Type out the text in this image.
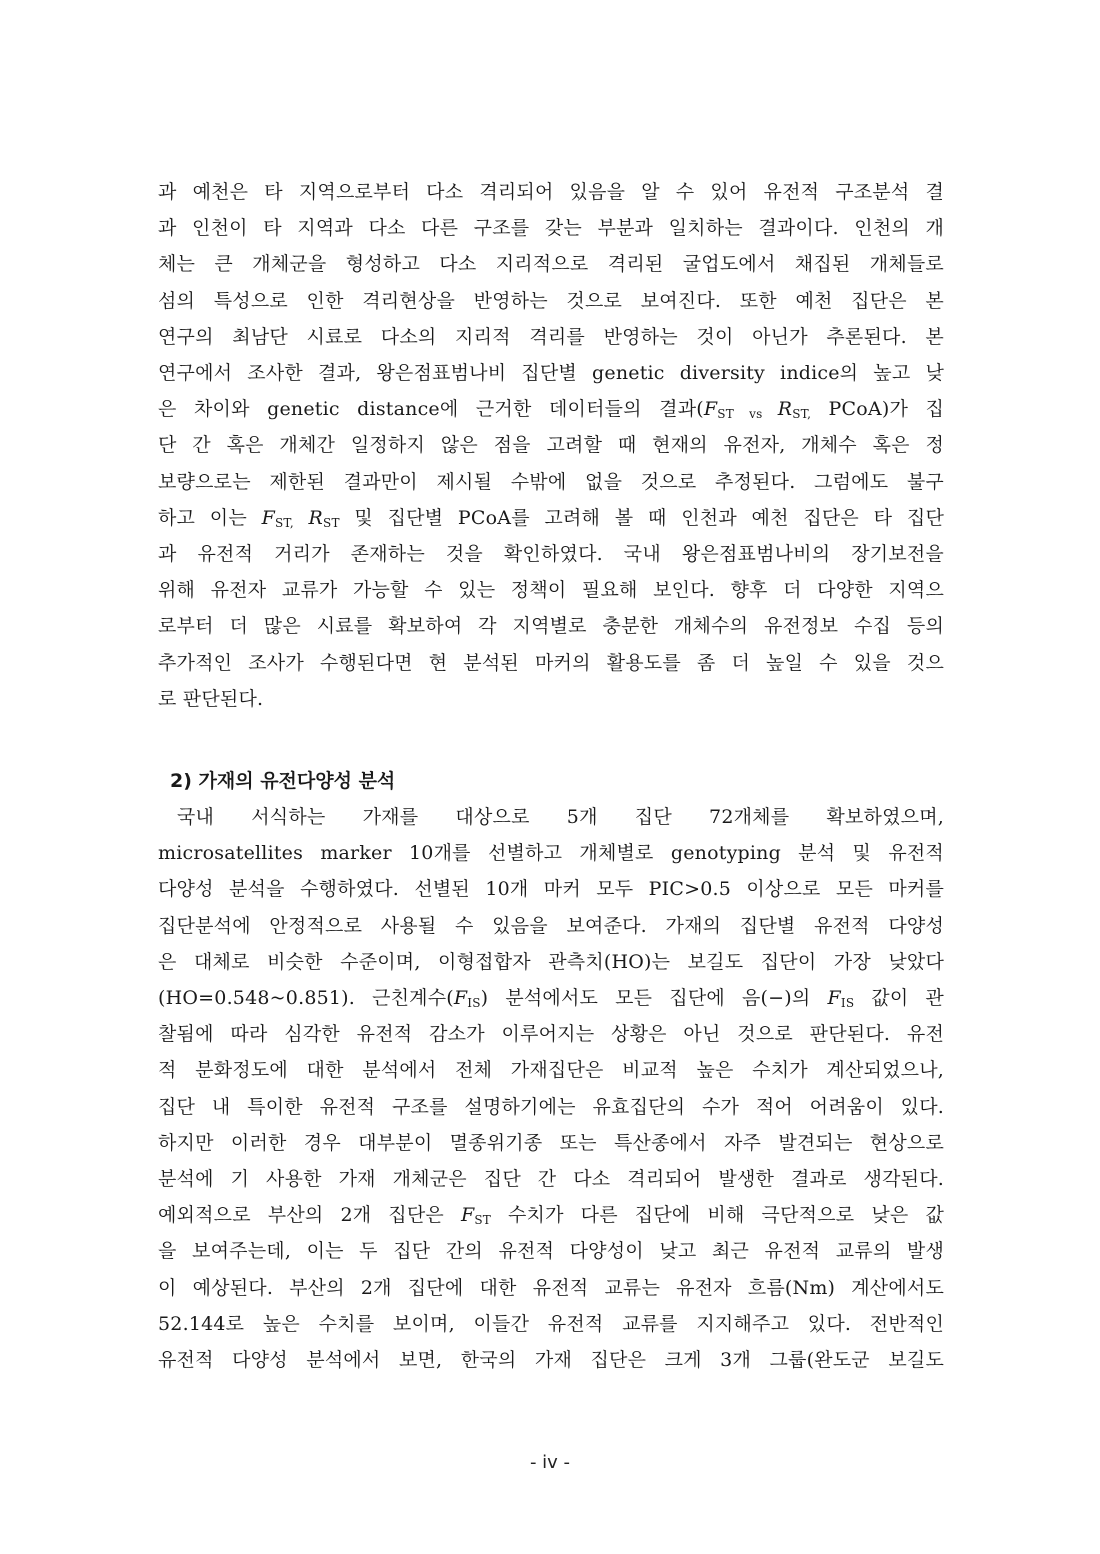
과 예천은 타 지역으로부터 다소 격리되어 있음을 알 수 있어 유전적 구조분석 결
과 인천이 타 지역과 다소 다른 구조를 갖는 부분과 일치하는 결과이다. 인천의 개
체는 큰 개체군을 형성하고 다소 지리적으로 격리된 굴업도에서 채집된 개체들로
섬의 특성으로 인한 격리현상을 반영하는 것으로 보여진다. 또한 예천 집단은 본
연구의 최남단 시료로 다소의 지리적 격리를 반영하는 것이 아닌가 추론된다. 본
연구에서 조사한 결과, 왕은점표범나비 집단별 genetic diversity indice의 높고 낮
은 차이와 genetic distance에 근거한 데이터들의 결과($F_{ST}$ $_{vs}$ $R_{ST,}$ PCoA)가 집
단 간 혹은 개체간 일정하지 않은 점을 고려할 때 현재의 유전자, 개체수 혹은 정
보량으로는 제한된 결과만이 제시될 수밖에 없을 것으로 추정된다. 그럼에도 불구
하고 이는 $F_{ST,}$ $R_{ST}$ 및 집단별 PCoA를 고려해 볼 때 인천과 예천 집단은 타 집단
과 유전적 거리가 존재하는 것을 확인하였다. 국내 왕은점표범나비의 장기보전을
위해 유전자 교류가 가능할 수 있는 정책이 필요해 보인다. 향후 더 다양한 지역으
로부터 더 많은 시료를 확보하여 각 지역별로 충분한 개체수의 유전정보 수집 등의
추가적인 조사가 수행된다면 현 분석된 마커의 활용도를 좀 더 높일 수 있을 것으
로 판단된다.
2) 가재의 유전다양성 분석
국내 서식하는 가재를 대상으로 5개 집단 72개체를 확보하였으며,
microsatellites marker 10개를 선별하고 개체별로 genotyping 분석 및 유전적
다양성 분석을 수행하였다. 선별된 10개 마커 모두 PIC>0.5 이상으로 모든 마커를
집단분석에 안정적으로 사용될 수 있음을 보여준다. 가재의 집단별 유전적 다양성
은 대체로 비슷한 수준이며, 이형접합자 관측치(HO)는 보길도 집단이 가장 낮았다
(HO=0.548~0.851). 근친계수$(F_{IS})$ 분석에서도 모든 집단에 음(−)의 $F_{IS}$ 값이 관
찰됨에 따라 심각한 유전적 감소가 이루어지는 상황은 아닌 것으로 판단된다. 유전
적 분화정도에 대한 분석에서 전체 가재집단은 비교적 높은 수치가 계산되었으나,
집단 내 특이한 유전적 구조를 설명하기에는 유효집단의 수가 적어 어려움이 있다.
하지만 이러한 경우 대부분이 멸종위기종 또는 특산종에서 자주 발견되는 현상으로
분석에 기 사용한 가재 개체군은 집단 간 다소 격리되어 발생한 결과로 생각된다.
예외적으로 부산의 2개 집단은 $F_{ST}$ 수치가 다른 집단에 비해 극단적으로 낮은 값
을 보여주는데, 이는 두 집단 간의 유전적 다양성이 낮고 최근 유전적 교류의 발생
이 예상된다. 부산의 2개 집단에 대한 유전적 교류는 유전자 흐름(Nm) 계산에서도
52.144로 높은 수치를 보이며, 이들간 유전적 교류를 지지해주고 있다. 전반적인
유전적 다양성 분석에서 보면, 한국의 가재 집단은 크게 3개 그룹(완도군 보길도
- iv -
